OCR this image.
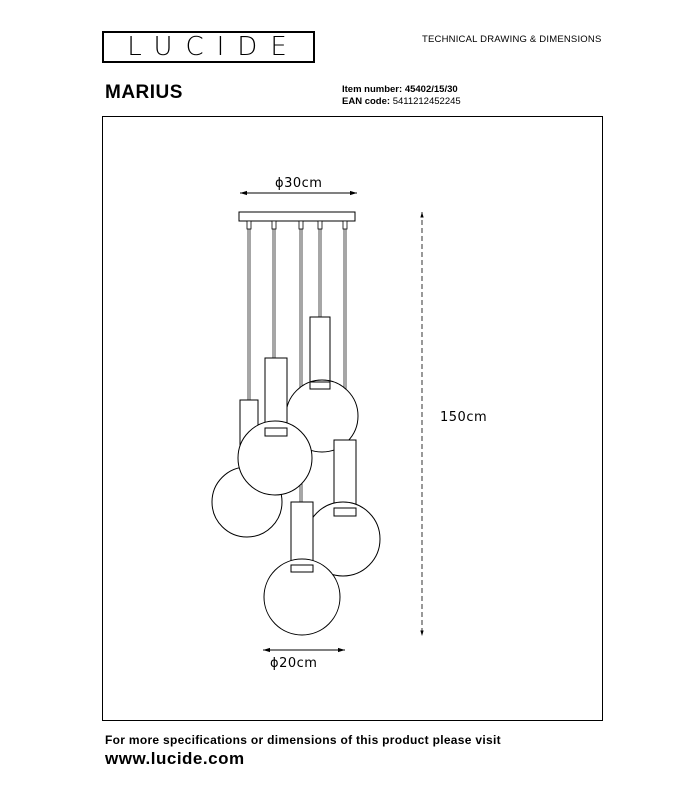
LUCIDE	TECHNICAL DRAWING & DIMENSIONS
MARIUS	Item number: 45402/15/30
EAN code: 5411212452245
ϕ30cm
150cm
ϕ20cm
For more specifications or dimensions of this product please visit
www.lucide.com
